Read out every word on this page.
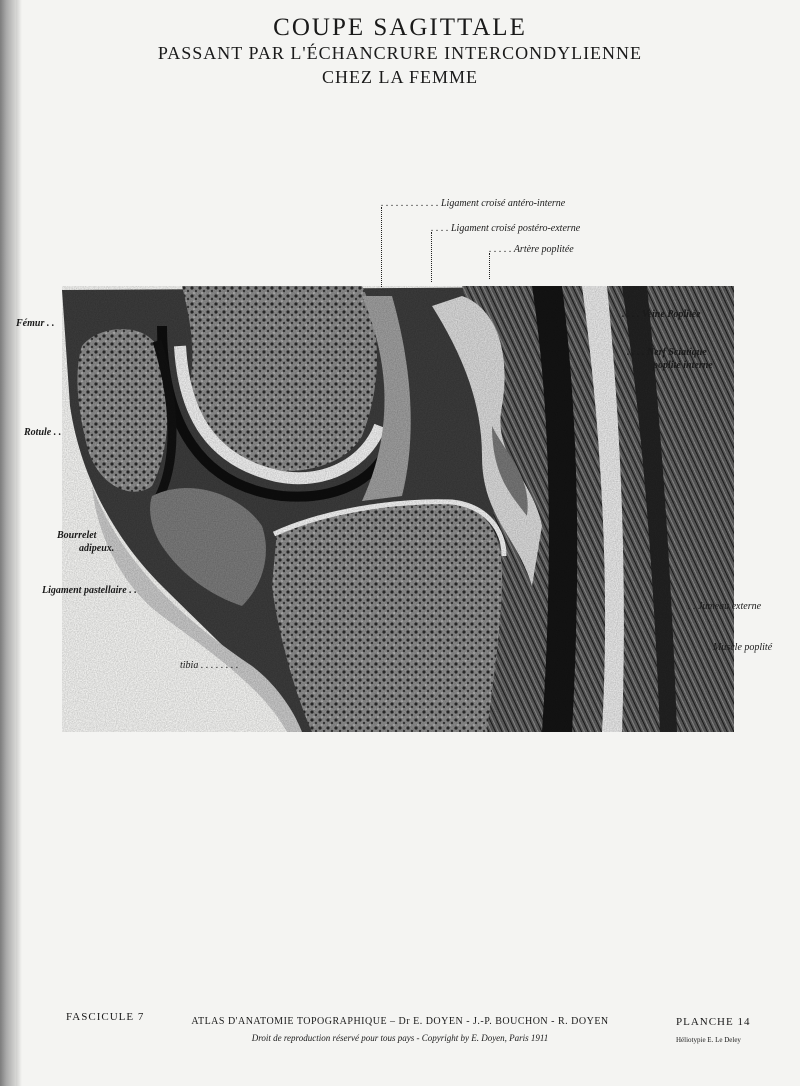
COUPE SAGITTALE
PASSANT PAR L'ÉCHANCRURE INTERCONDYLIENNE
CHEZ LA FEMME
. . . . . . . . . . . . Ligament croisé antéro-interne
. . . . Ligament croisé postéro-externe
. . . . . Artère poplitée
. . . . Veine Poplitée
. . . . Nerf Sciatique
poplité interne
. . Jumeau externe
. Muscle poplité
Fémur . .
Rotule . .
Bourrelet
adipeux.
Ligament pastellaire . .
tibia . . . . . . . .
FASCICULE 7	ATLAS D'ANATOMIE TOPOGRAPHIQUE – Dr E. DOYEN - J.-P. BOUCHON - R. DOYEN
Droit de reproduction réservé pour tous pays - Copyright by E. Doyen, Paris 1911
PLANCHE 14
Héliotypie E. Le Deley
